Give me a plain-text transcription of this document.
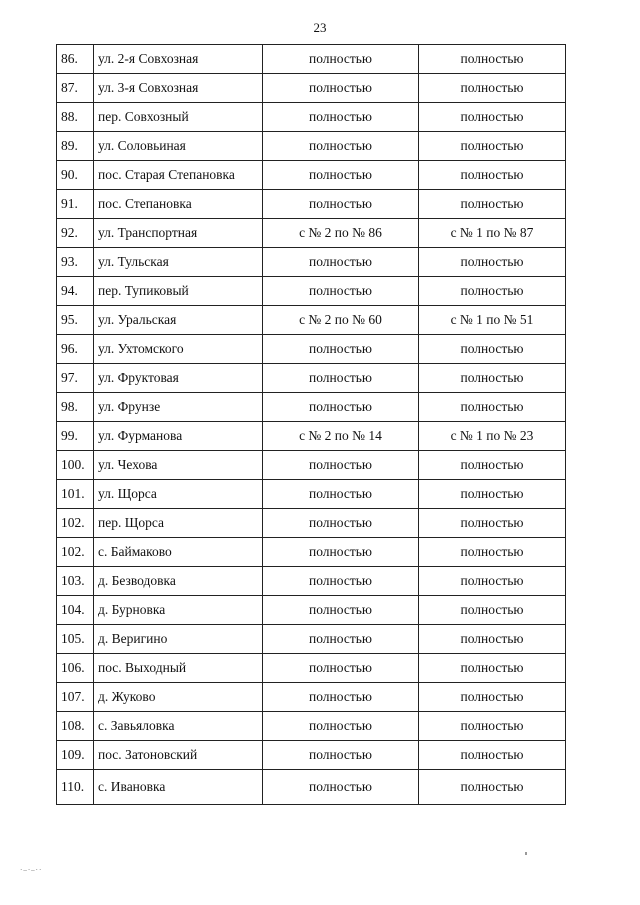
23
86.	ул. 2-я Совхозная	полностью	полностью
87.	ул. 3-я Совхозная	полностью	полностью
88.	пер. Совхозный	полностью	полностью
89.	ул. Соловьиная	полностью	полностью
90.	пос. Старая Степановка	полностью	полностью
91.	пос. Степановка	полностью	полностью
92.	ул. Транспортная	с № 2 по № 86	с № 1 по № 87
93.	ул. Тульская	полностью	полностью
94.	пер. Тупиковый	полностью	полностью
95.	ул. Уральская	с № 2 по № 60	с № 1 по № 51
96.	ул. Ухтомского	полностью	полностью
97.	ул. Фруктовая	полностью	полностью
98.	ул. Фрунзе	полностью	полностью
99.	ул. Фурманова	с № 2 по № 14	с № 1 по № 23
100.	ул. Чехова	полностью	полностью
101.	ул. Щорса	полностью	полностью
102.	пер. Щорса	полностью	полностью
102.	с. Баймаково	полностью	полностью
103.	д. Безводовка	полностью	полностью
104.	д. Бурновка	полностью	полностью
105.	д. Веригино	полностью	полностью
106.	пос. Выходный	полностью	полностью
107.	д. Жуково	полностью	полностью
108.	с. Завьяловка	полностью	полностью
109.	пос. Затоновский	полностью	полностью
110.	с. Ивановка	полностью	полностью
·–·–··
